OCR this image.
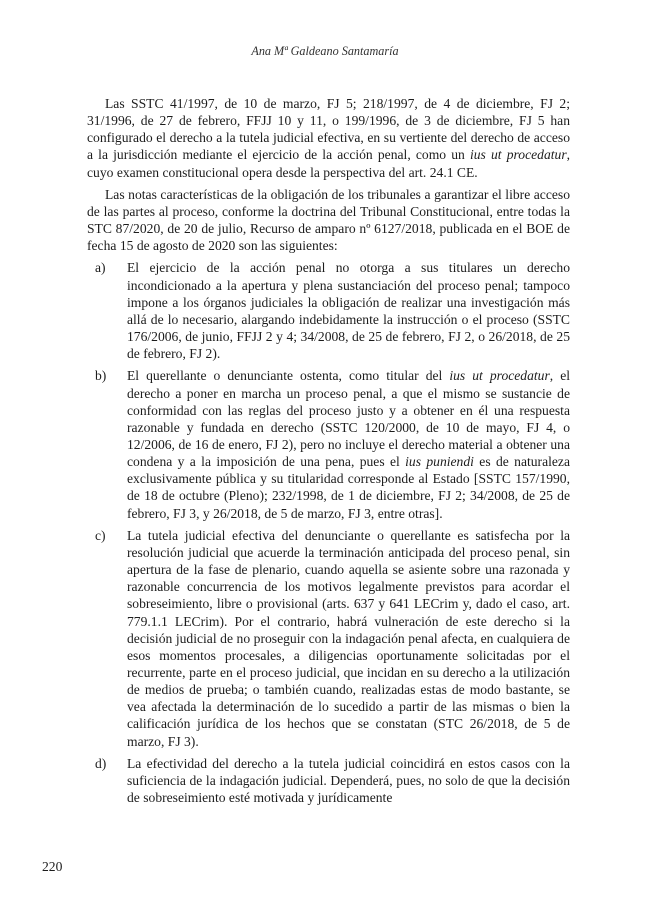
Ana Mª Galdeano Santamaría

Las SSTC 41/1997, de 10 de marzo, FJ 5; 218/1997, de 4 de diciembre, FJ 2; 31/1996, de 27 de febrero, FFJJ 10 y 11, o 199/1996, de 3 de diciembre, FJ 5 han configurado el derecho a la tutela judicial efectiva, en su vertiente del derecho de acceso a la jurisdicción mediante el ejercicio de la acción penal, como un ius ut procedatur, cuyo examen constitucional opera desde la perspectiva del art. 24.1 CE.

Las notas características de la obligación de los tribunales a garantizar el libre acceso de las partes al proceso, conforme la doctrina del Tribunal Constitucional, entre todas la STC 87/2020, de 20 de julio, Recurso de amparo nº 6127/2018, publicada en el BOE de fecha 15 de agosto de 2020 son las siguientes:

a) El ejercicio de la acción penal no otorga a sus titulares un derecho incondicionado a la apertura y plena sustanciación del proceso penal; tampoco impone a los órganos judiciales la obligación de realizar una investigación más allá de lo necesario, alargando indebidamente la instrucción o el proceso (SSTC 176/2006, de junio, FFJJ 2 y 4; 34/2008, de 25 de febrero, FJ 2, o 26/2018, de 25 de febrero, FJ 2).
b) El querellante o denunciante ostenta, como titular del ius ut procedatur, el derecho a poner en marcha un proceso penal, a que el mismo se sustancie de conformidad con las reglas del proceso justo y a obtener en él una respuesta razonable y fundada en derecho (SSTC 120/2000, de 10 de mayo, FJ 4, o 12/2006, de 16 de enero, FJ 2), pero no incluye el derecho material a obtener una condena y a la imposición de una pena, pues el ius puniendi es de naturaleza exclusivamente pública y su titularidad corresponde al Estado [SSTC 157/1990, de 18 de octubre (Pleno); 232/1998, de 1 de diciembre, FJ 2; 34/2008, de 25 de febrero, FJ 3, y 26/2018, de 5 de marzo, FJ 3, entre otras].
c) La tutela judicial efectiva del denunciante o querellante es satisfecha por la resolución judicial que acuerde la terminación anticipada del proceso penal, sin apertura de la fase de plenario, cuando aquella se asiente sobre una razonada y razonable concurrencia de los motivos legalmente previstos para acordar el sobreseimiento, libre o provisional (arts. 637 y 641 LECrim y, dado el caso, art. 779.1.1 LECrim). Por el contrario, habrá vulneración de este derecho si la decisión judicial de no proseguir con la indagación penal afecta, en cualquiera de esos momentos procesales, a diligencias oportunamente solicitadas por el recurrente, parte en el proceso judicial, que incidan en su derecho a la utilización de medios de prueba; o también cuando, realizadas estas de modo bastante, se vea afectada la determinación de lo sucedido a partir de las mismas o bien la calificación jurídica de los hechos que se constatan (STC 26/2018, de 5 de marzo, FJ 3).
d) La efectividad del derecho a la tutela judicial coincidirá en estos casos con la suficiencia de la indagación judicial. Dependerá, pues, no solo de que la decisión de sobreseimiento esté motivada y jurídicamente
220
